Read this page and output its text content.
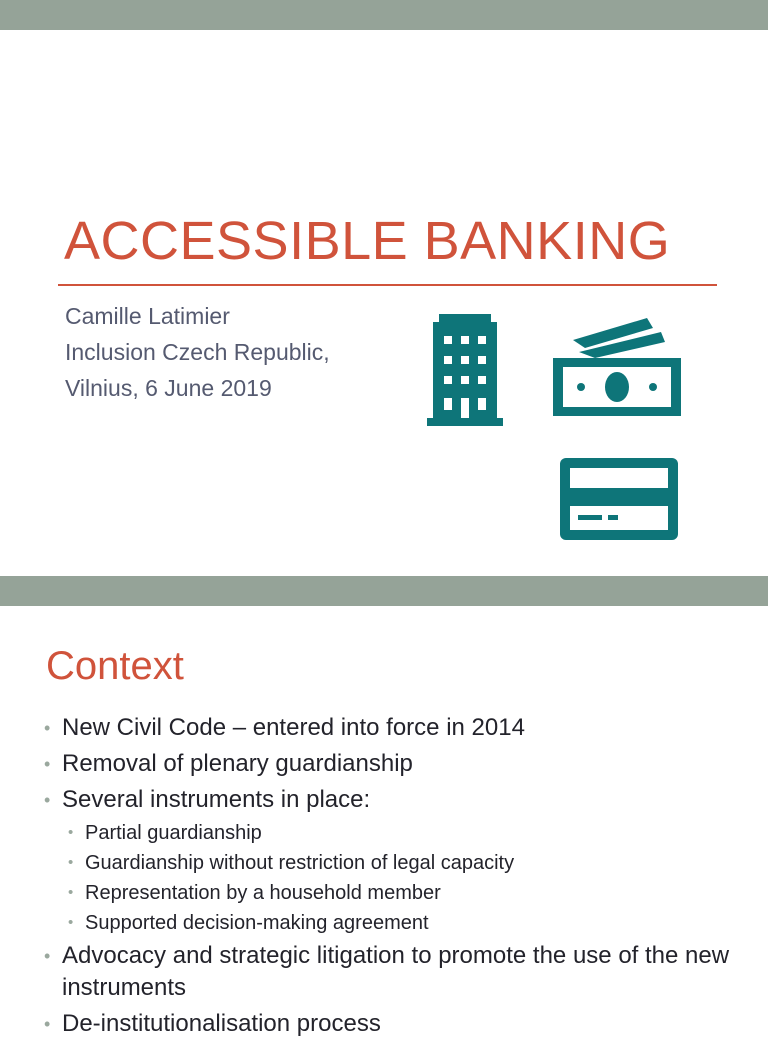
ACCESSIBLE BANKING
Camille Latimier
Inclusion Czech Republic,
Vilnius, 6 June 2019
Context
• New Civil Code – entered into force in 2014
• Removal of plenary guardianship
• Several instruments in place:
• Partial guardianship
• Guardianship without restriction of legal capacity
• Representation by a household member
• Supported decision-making agreement
• Advocacy and strategic litigation to promote the use of the new instruments
• De-institutionalisation process
